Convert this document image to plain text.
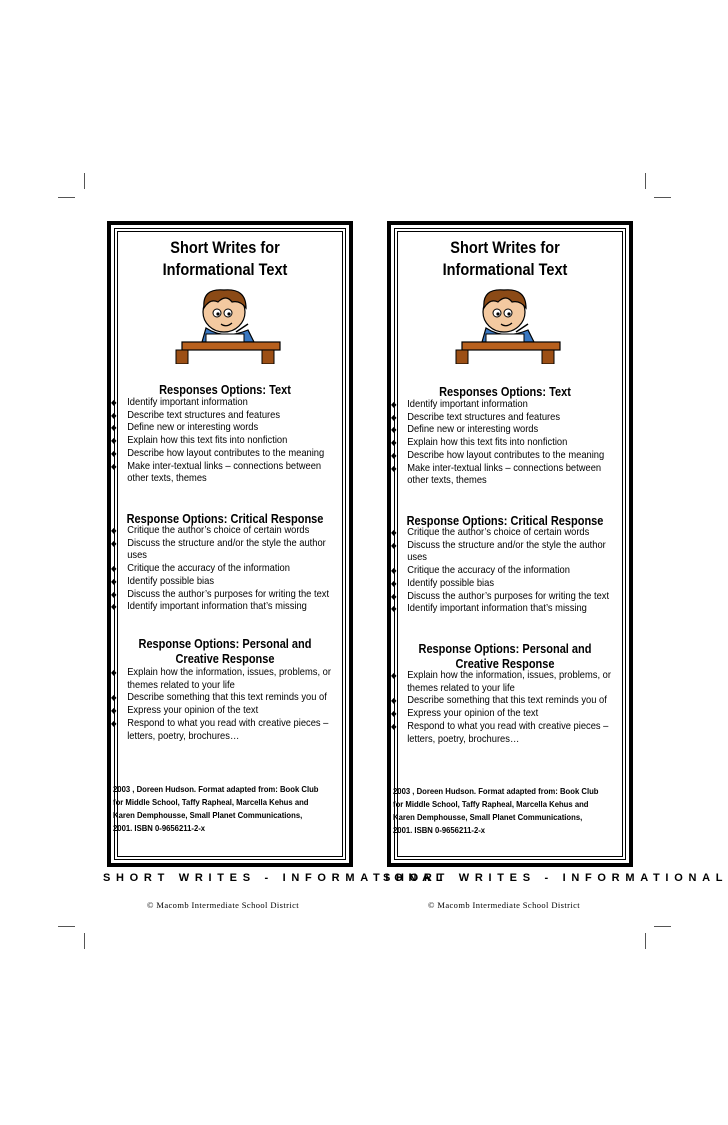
Short Writes for
Informational Text
Responses Options: Text
◆ Identify important information
◆ Describe text structures and features
◆ Define new or interesting words
◆ Explain how this text fits into nonfiction
◆ Describe how layout contributes to the meaning
◆ Make inter-textual links – connections between other texts, themes
Response Options: Critical Response
◆ Critique the author’s choice of certain words
◆ Discuss the structure and/or the style the author uses
◆ Critique the accuracy of the information
◆ Identify possible bias
◆ Discuss the author’s purposes for writing the text
◆ Identify important information that’s missing
Response Options: Personal and Creative Response
◆ Explain how the information, issues, problems, or themes related to your life
◆ Describe something that this text reminds you of
◆ Express your opinion of the text
◆ Respond to what you read with creative pieces – letters, poetry, brochures…
2003 , Doreen Hudson. Format adapted from: Book Club for Middle School, Taffy Rapheal, Marcella Kehus and Karen Demphousse, Small Planet Communications, 2001. ISBN 0-9656211-2-x
SHORT WRITES - INFORMATIONAL
© Macomb Intermediate School District
Short Writes for
Informational Text
Responses Options: Text
◆ Identify important information
◆ Describe text structures and features
◆ Define new or interesting words
◆ Explain how this text fits into nonfiction
◆ Describe how layout contributes to the meaning
◆ Make inter-textual links – connections between other texts, themes
Response Options: Critical Response
◆ Critique the author’s choice of certain words
◆ Discuss the structure and/or the style the author uses
◆ Critique the accuracy of the information
◆ Identify possible bias
◆ Discuss the author’s purposes for writing the text
◆ Identify important information that’s missing
Response Options: Personal and Creative Response
◆ Explain how the information, issues, problems, or themes related to your life
◆ Describe something that this text reminds you of
◆ Express your opinion of the text
◆ Respond to what you read with creative pieces – letters, poetry, brochures…
2003 , Doreen Hudson. Format adapted from: Book Club for Middle School, Taffy Rapheal, Marcella Kehus and Karen Demphousse, Small Planet Communications, 2001. ISBN 0-9656211-2-x
SHORT WRITES - INFORMATIONAL
© Macomb Intermediate School District
